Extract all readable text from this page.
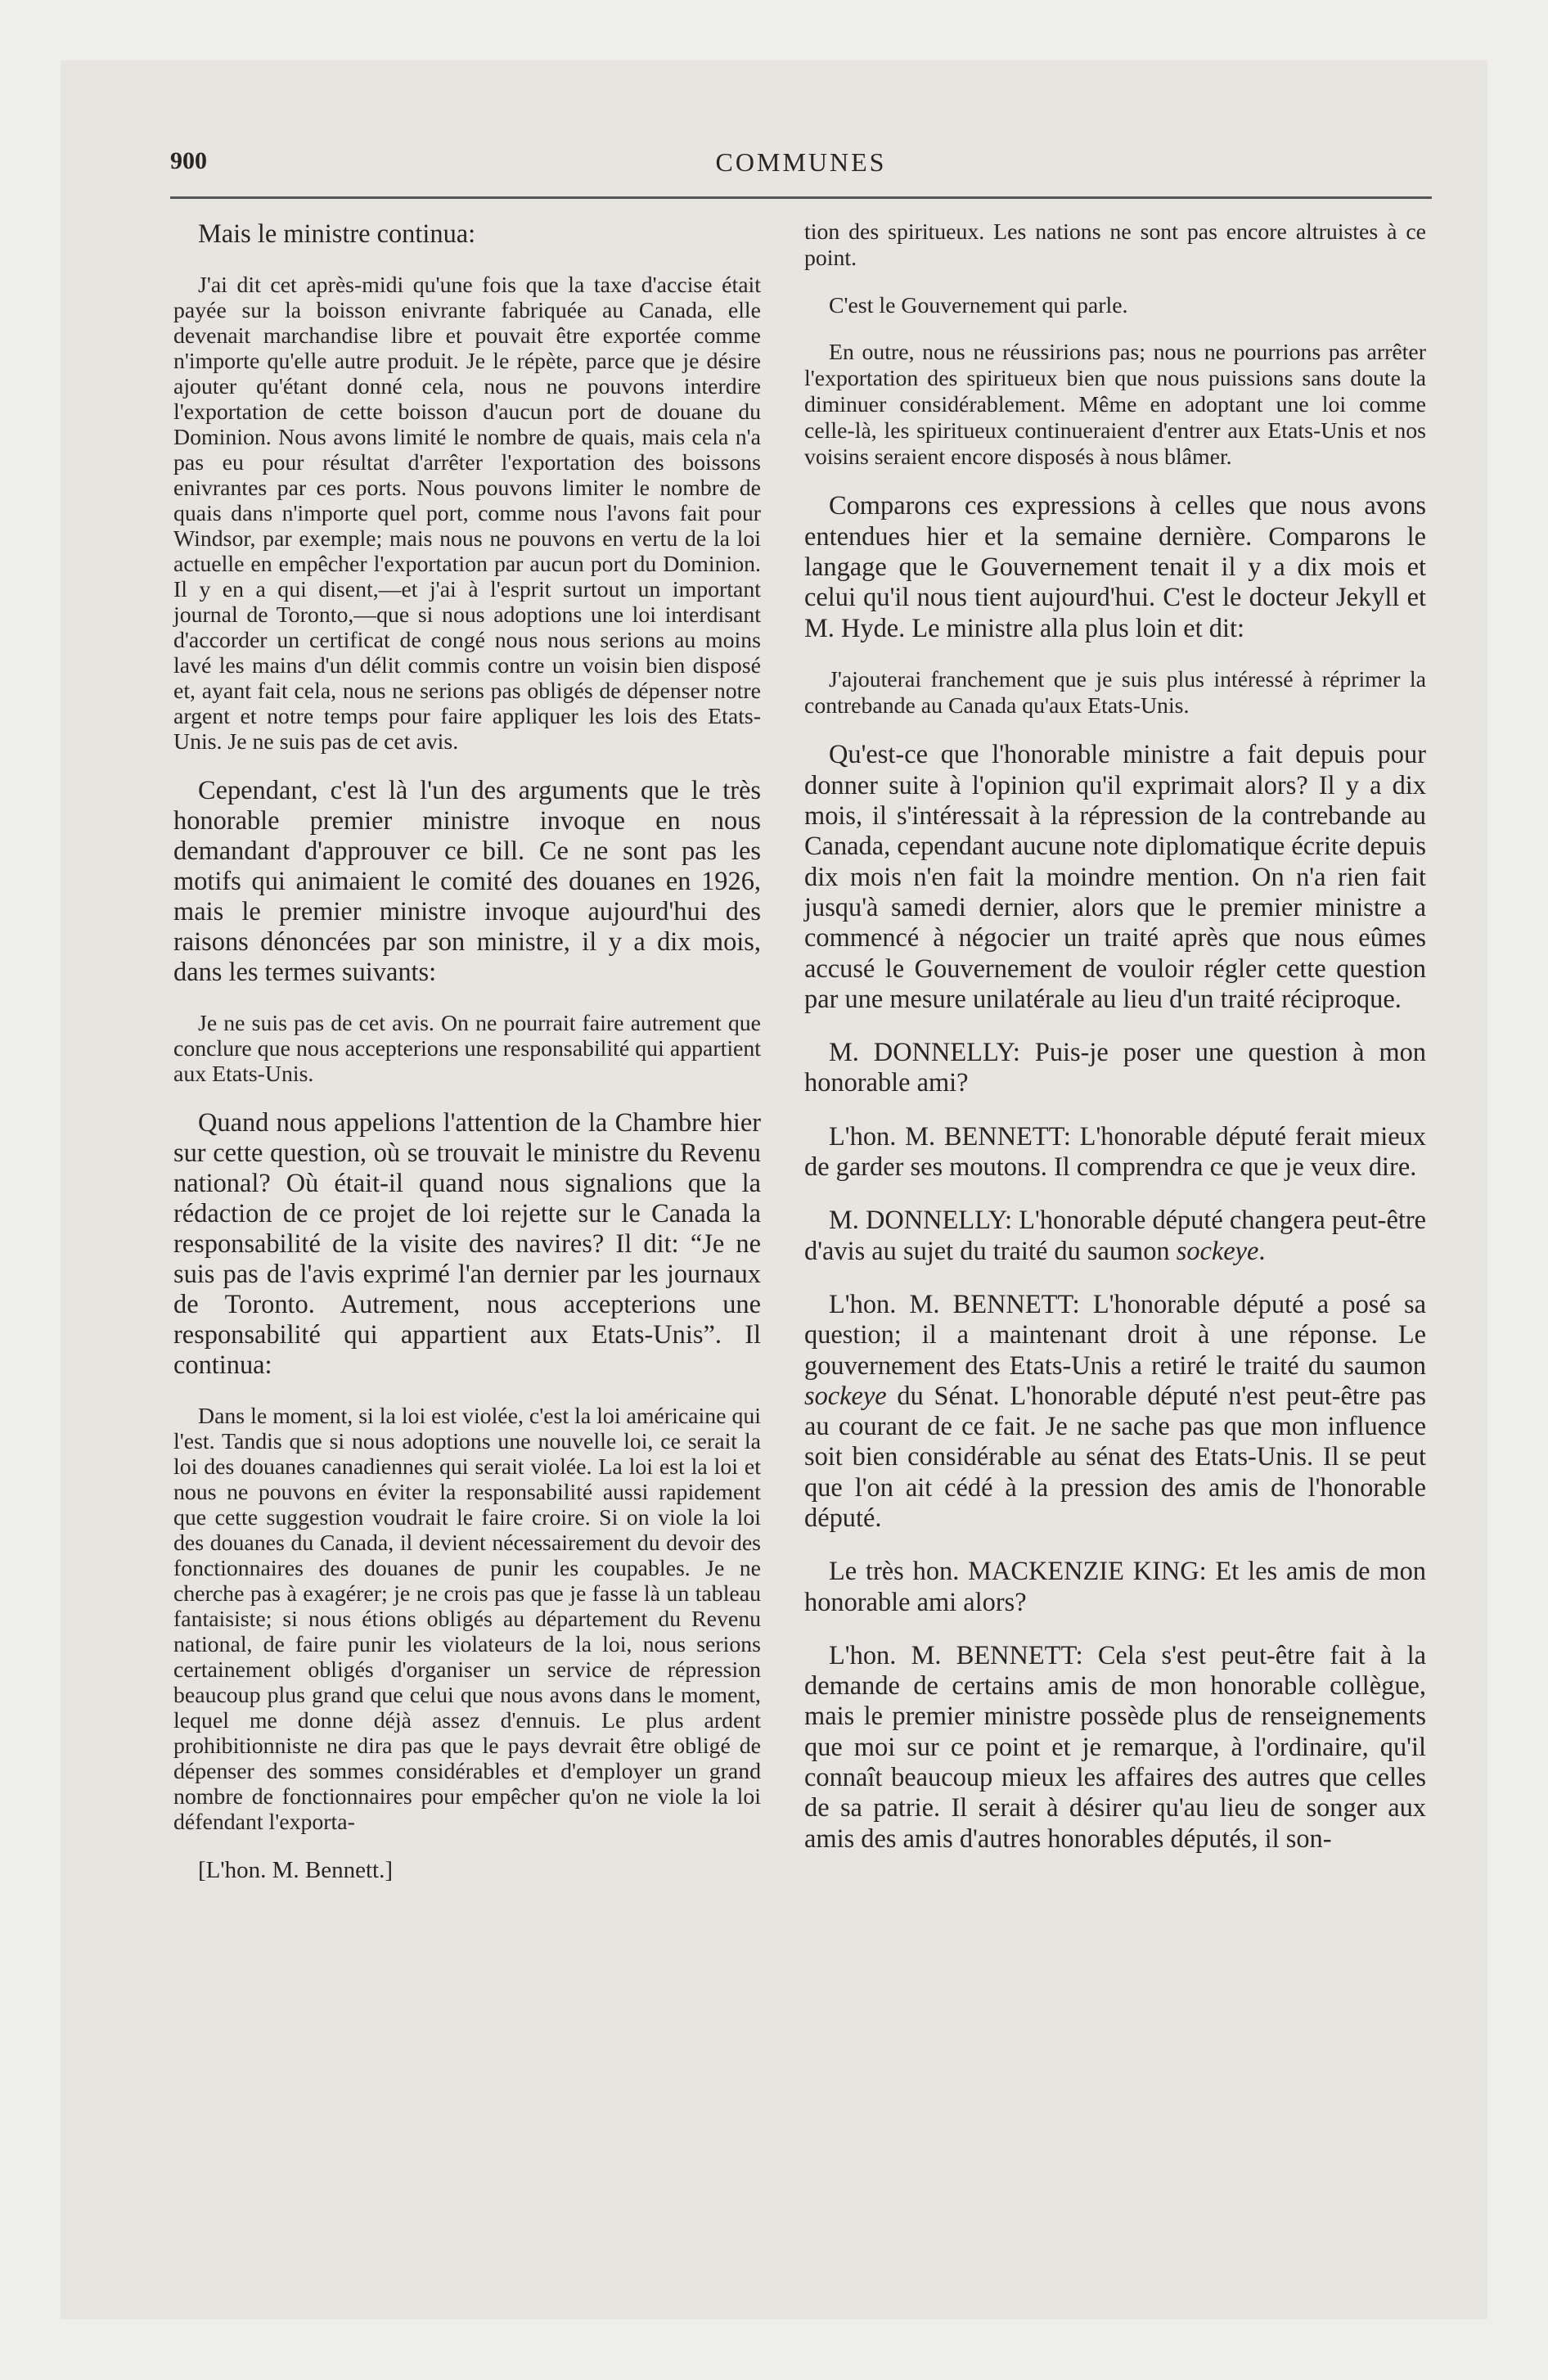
900	COMMUNES

Mais le ministre continua:

J'ai dit cet après-midi qu'une fois que la taxe d'accise était payée sur la boisson enivrante fabriquée au Canada, elle devenait marchandise libre et pouvait être exportée comme n'importe qu'elle autre produit. Je le répète, parce que je désire ajouter qu'étant donné cela, nous ne pouvons interdire l'exportation de cette boisson d'aucun port de douane du Dominion. Nous avons limité le nombre de quais, mais cela n'a pas eu pour résultat d'arrêter l'exportation des boissons enivrantes par ces ports. Nous pouvons limiter le nombre de quais dans n'importe quel port, comme nous l'avons fait pour Windsor, par exemple; mais nous ne pouvons en vertu de la loi actuelle en empêcher l'exportation par aucun port du Dominion. Il y en a qui disent,—et j'ai à l'esprit surtout un important journal de Toronto,—que si nous adoptions une loi interdisant d'accorder un certificat de congé nous nous serions au moins lavé les mains d'un délit commis contre un voisin bien disposé et, ayant fait cela, nous ne serions pas obligés de dépenser notre argent et notre temps pour faire appliquer les lois des Etats-Unis. Je ne suis pas de cet avis.

Cependant, c'est là l'un des arguments que le très honorable premier ministre invoque en nous demandant d'approuver ce bill. Ce ne sont pas les motifs qui animaient le comité des douanes en 1926, mais le premier ministre invoque aujourd'hui des raisons dénoncées par son ministre, il y a dix mois, dans les termes suivants:

Je ne suis pas de cet avis. On ne pourrait faire autrement que conclure que nous accepterions une responsabilité qui appartient aux Etats-Unis.

Quand nous appelions l'attention de la Chambre hier sur cette question, où se trouvait le ministre du Revenu national? Où était-il quand nous signalions que la rédaction de ce projet de loi rejette sur le Canada la responsabilité de la visite des navires? Il dit: “Je ne suis pas de l'avis exprimé l'an dernier par les journaux de Toronto. Autrement, nous accepterions une responsabilité qui appartient aux Etats-Unis”. Il continua:

Dans le moment, si la loi est violée, c'est la loi américaine qui l'est. Tandis que si nous adoptions une nouvelle loi, ce serait la loi des douanes canadiennes qui serait violée. La loi est la loi et nous ne pouvons en éviter la responsabilité aussi rapidement que cette suggestion voudrait le faire croire. Si on viole la loi des douanes du Canada, il devient nécessairement du devoir des fonctionnaires des douanes de punir les coupables. Je ne cherche pas à exagérer; je ne crois pas que je fasse là un tableau fantaisiste; si nous étions obligés au département du Revenu national, de faire punir les violateurs de la loi, nous serions certainement obligés d'organiser un service de répression beaucoup plus grand que celui que nous avons dans le moment, lequel me donne déjà assez d'ennuis. Le plus ardent prohibitionniste ne dira pas que le pays devrait être obligé de dépenser des sommes considérables et d'employer un grand nombre de fonctionnaires pour empêcher qu'on ne viole la loi défendant l'exporta-

[L'hon. M. Bennett.]

tion des spiritueux. Les nations ne sont pas encore altruistes à ce point.

C'est le Gouvernement qui parle.

En outre, nous ne réussirions pas; nous ne pourrions pas arrêter l'exportation des spiritueux bien que nous puissions sans doute la diminuer considérablement. Même en adoptant une loi comme celle-là, les spiritueux continueraient d'entrer aux Etats-Unis et nos voisins seraient encore disposés à nous blâmer.

Comparons ces expressions à celles que nous avons entendues hier et la semaine dernière. Comparons le langage que le Gouvernement tenait il y a dix mois et celui qu'il nous tient aujourd'hui. C'est le docteur Jekyll et M. Hyde. Le ministre alla plus loin et dit:

J'ajouterai franchement que je suis plus intéressé à réprimer la contrebande au Canada qu'aux Etats-Unis.

Qu'est-ce que l'honorable ministre a fait depuis pour donner suite à l'opinion qu'il exprimait alors? Il y a dix mois, il s'intéressait à la répression de la contrebande au Canada, cependant aucune note diplomatique écrite depuis dix mois n'en fait la moindre mention. On n'a rien fait jusqu'à samedi dernier, alors que le premier ministre a commencé à négocier un traité après que nous eûmes accusé le Gouvernement de vouloir régler cette question par une mesure unilatérale au lieu d'un traité réciproque.

M. DONNELLY: Puis-je poser une question à mon honorable ami?

L'hon. M. BENNETT: L'honorable député ferait mieux de garder ses moutons. Il comprendra ce que je veux dire.

M. DONNELLY: L'honorable député changera peut-être d'avis au sujet du traité du saumon sockeye.

L'hon. M. BENNETT: L'honorable député a posé sa question; il a maintenant droit à une réponse. Le gouvernement des Etats-Unis a retiré le traité du saumon sockeye du Sénat. L'honorable député n'est peut-être pas au courant de ce fait. Je ne sache pas que mon influence soit bien considérable au sénat des Etats-Unis. Il se peut que l'on ait cédé à la pression des amis de l'honorable député.

Le très hon. MACKENZIE KING: Et les amis de mon honorable ami alors?

L'hon. M. BENNETT: Cela s'est peut-être fait à la demande de certains amis de mon honorable collègue, mais le premier ministre possède plus de renseignements que moi sur ce point et je remarque, à l'ordinaire, qu'il connaît beaucoup mieux les affaires des autres que celles de sa patrie. Il serait à désirer qu'au lieu de songer aux amis des amis d'autres honorables députés, il son-
